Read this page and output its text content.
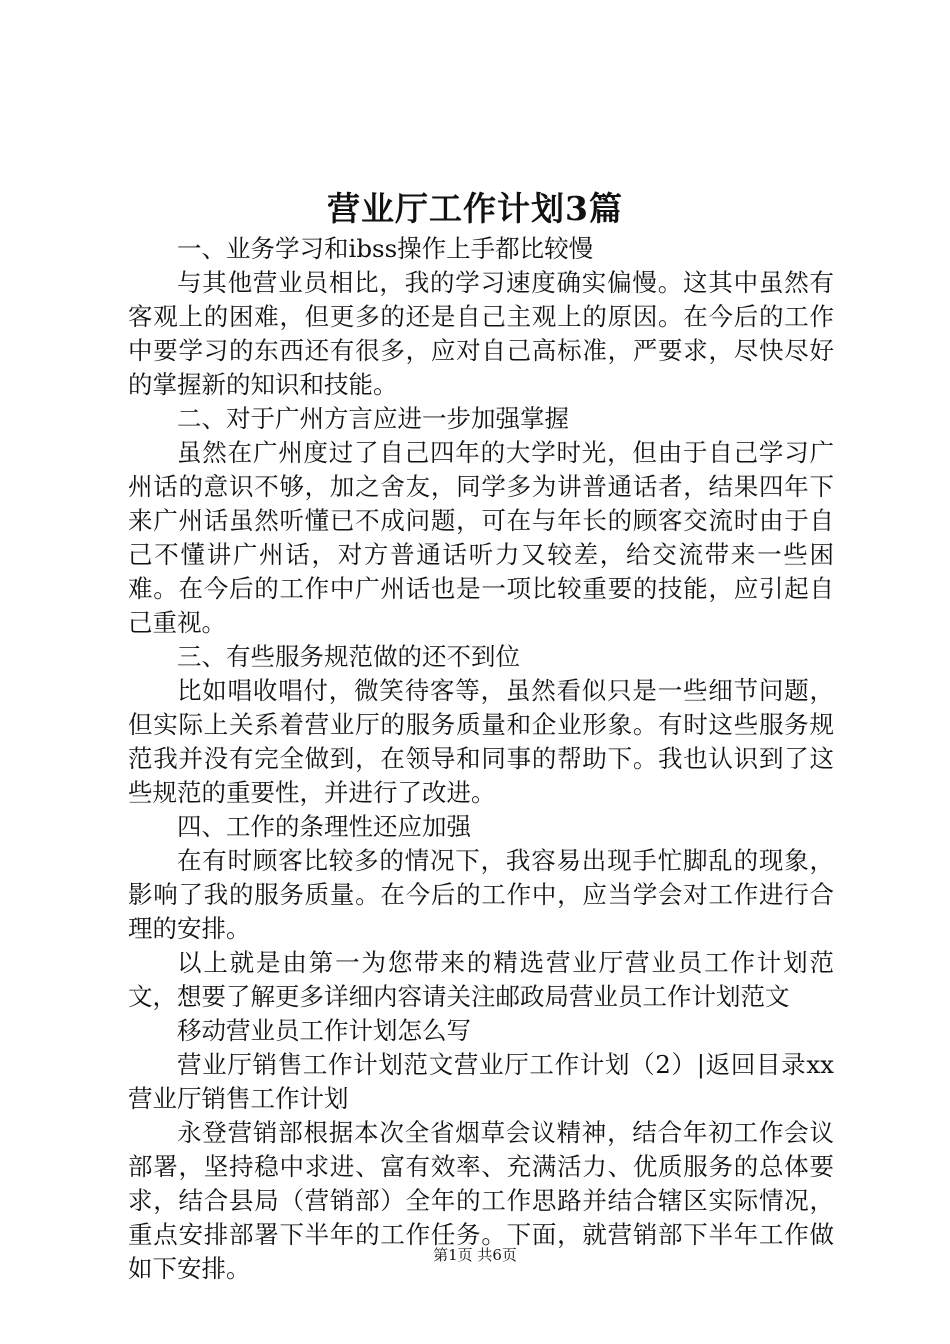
营业厅工作计划3篇

一、业务学习和ibss操作上手都比较慢

与其他营业员相比，我的学习速度确实偏慢。这其中虽然有客观上的困难，但更多的还是自己主观上的原因。在今后的工作中要学习的东西还有很多，应对自己高标准，严要求，尽快尽好的掌握新的知识和技能。

二、对于广州方言应进一步加强掌握

虽然在广州度过了自己四年的大学时光，但由于自己学习广州话的意识不够，加之舍友，同学多为讲普通话者，结果四年下来广州话虽然听懂已不成问题，可在与年长的顾客交流时由于自己不懂讲广州话，对方普通话听力又较差，给交流带来一些困难。在今后的工作中广州话也是一项比较重要的技能，应引起自己重视。

三、有些服务规范做的还不到位

比如唱收唱付，微笑待客等，虽然看似只是一些细节问题，但实际上关系着营业厅的服务质量和企业形象。有时这些服务规范我并没有完全做到，在领导和同事的帮助下。我也认识到了这些规范的重要性，并进行了改进。

四、工作的条理性还应加强

在有时顾客比较多的情况下，我容易出现手忙脚乱的现象，影响了我的服务质量。在今后的工作中，应当学会对工作进行合理的安排。

以上就是由第一为您带来的精选营业厅营业员工作计划范文，想要了解更多详细内容请关注邮政局营业员工作计划范文

移动营业员工作计划怎么写

营业厅销售工作计划范文营业厅工作计划（2）|返回目录xx营业厅销售工作计划

永登营销部根据本次全省烟草会议精神，结合年初工作会议部署，坚持稳中求进、富有效率、充满活力、优质服务的总体要求，结合县局（营销部）全年的工作思路并结合辖区实际情况，重点安排部署下半年的工作任务。下面，就营销部下半年工作做如下安排。	第1页 共6页
